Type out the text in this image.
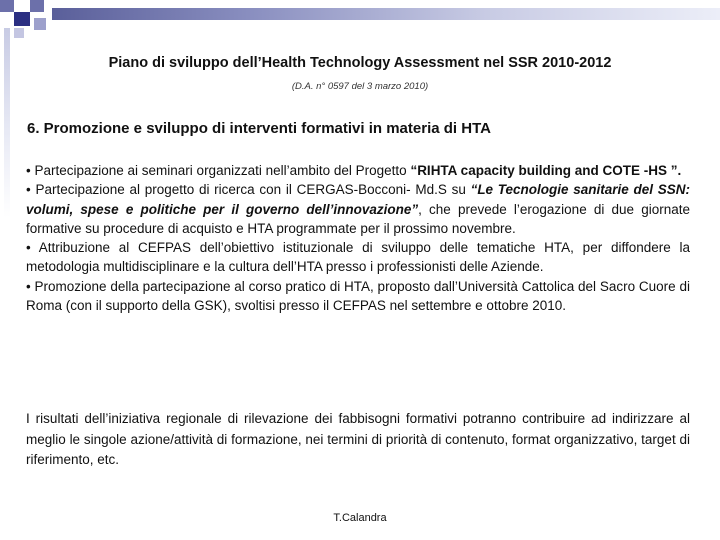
Piano di sviluppo dell’Health Technology Assessment nel SSR 2010-2012
(D.A. n° 0597 del 3 marzo 2010)
6. Promozione e sviluppo di interventi formativi in materia di HTA

• Partecipazione ai seminari organizzati nell’ambito del Progetto “RIHTA capacity building and COTE -HS ”.

• Partecipazione al progetto di ricerca con il CERGAS-Bocconi- Md.S su “Le Tecnologie sanitarie del SSN: volumi, spese e politiche per il governo dell’innovazione”, che prevede l’erogazione di due giornate formative su procedure di acquisto e HTA programmate per il prossimo novembre.

• Attribuzione al CEFPAS dell’obiettivo istituzionale di sviluppo delle tematiche HTA, per diffondere la metodologia multidisciplinare e la cultura dell’HTA presso i professionisti delle Aziende.

• Promozione della partecipazione al corso pratico di HTA, proposto dall’Università Cattolica del Sacro Cuore di Roma (con il supporto della GSK), svoltisi presso il CEFPAS nel settembre e ottobre 2010.

I risultati dell’iniziativa regionale di rilevazione dei fabbisogni formativi potranno contribuire ad indirizzare al meglio le singole azione/attività di formazione, nei termini di priorità di contenuto, format organizzativo, target di riferimento, etc.
T.Calandra
